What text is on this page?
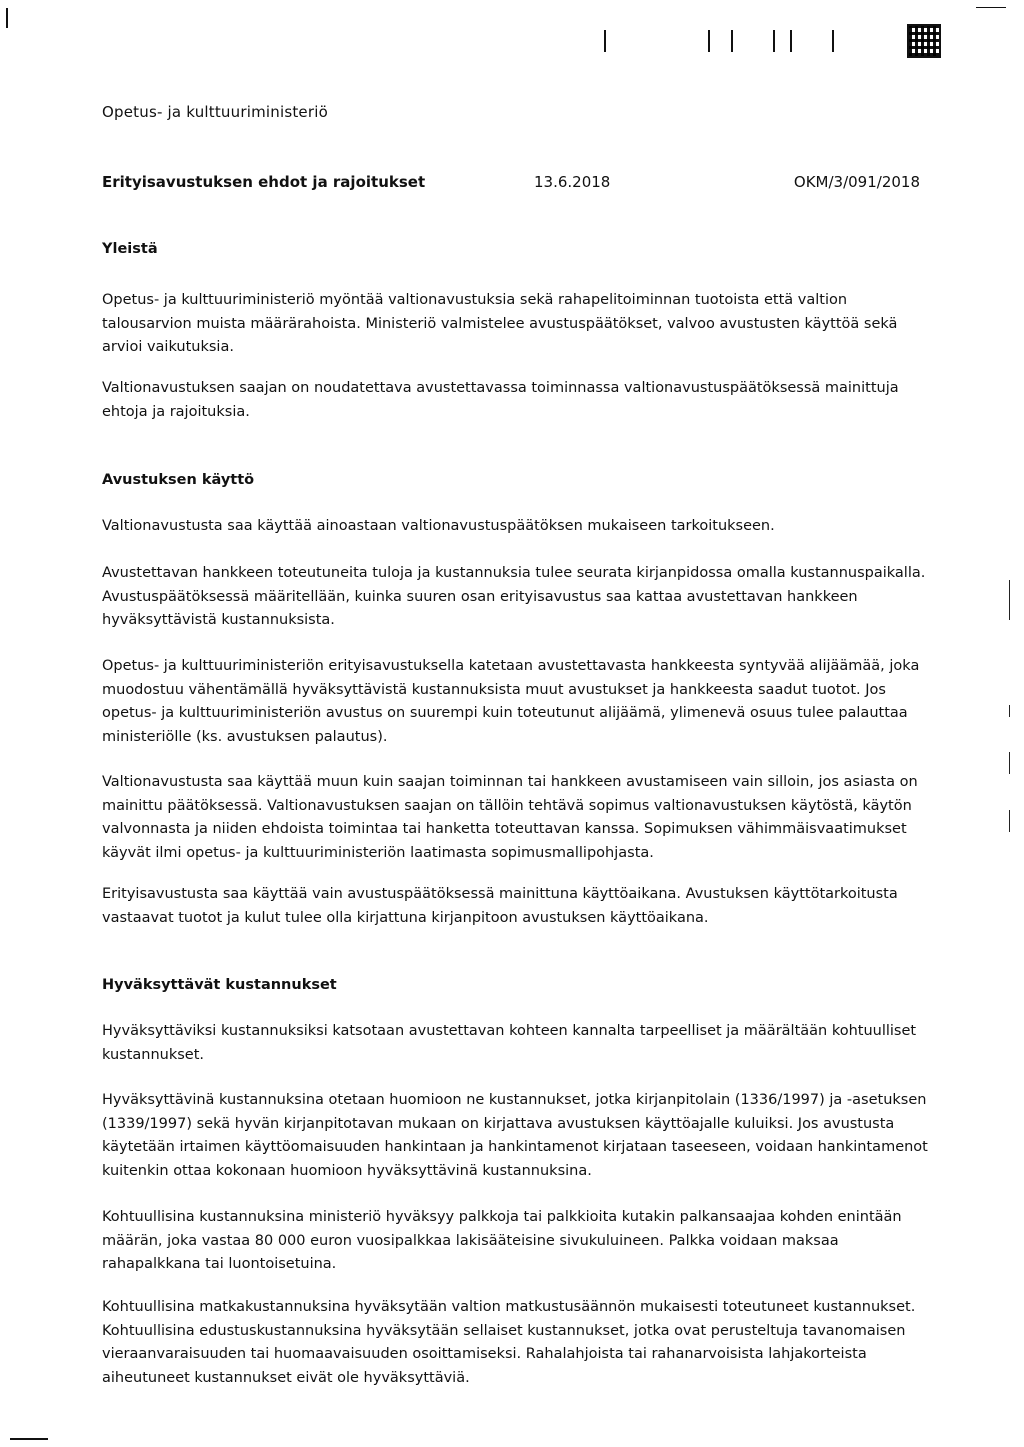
Opetus- ja kulttuuriministeriö
Erityisavustuksen ehdot ja rajoitukset	13.6.2018	OKM/3/091/2018
Yleistä
Opetus- ja kulttuuriministeriö myöntää valtionavustuksia sekä rahapelitoiminnan tuotoista että valtion talousarvion muista määrärahoista. Ministeriö valmistelee avustuspäätökset, valvoo avustusten käyttöä sekä arvioi vaikutuksia.
Valtionavustuksen saajan on noudatettava avustettavassa toiminnassa valtionavustuspäätöksessä mainittuja ehtoja ja rajoituksia.
Avustuksen käyttö
Valtionavustusta saa käyttää ainoastaan valtionavustuspäätöksen mukaiseen tarkoitukseen.
Avustettavan hankkeen toteutuneita tuloja ja kustannuksia tulee seurata kirjanpidossa omalla kustannuspaikalla. Avustuspäätöksessä määritellään, kuinka suuren osan erityisavustus saa kattaa avustettavan hankkeen hyväksyttävistä kustannuksista.
Opetus- ja kulttuuriministeriön erityisavustuksella katetaan avustettavasta hankkeesta syntyvää alijäämää, joka muodostuu vähentämällä hyväksyttävistä kustannuksista muut avustukset ja hankkeesta saadut tuotot. Jos opetus- ja kulttuuriministeriön avustus on suurempi kuin toteutunut alijäämä, ylimenevä osuus tulee palauttaa ministeriölle (ks. avustuksen palautus).
Valtionavustusta saa käyttää muun kuin saajan toiminnan tai hankkeen avustamiseen vain silloin, jos asiasta on mainittu päätöksessä. Valtionavustuksen saajan on tällöin tehtävä sopimus valtionavustuksen käytöstä, käytön valvonnasta ja niiden ehdoista toimintaa tai hanketta toteuttavan kanssa. Sopimuksen vähimmäisvaatimukset käyvät ilmi opetus- ja kulttuuriministeriön laatimasta sopimusmallipohjasta.
Erityisavustusta saa käyttää vain avustuspäätöksessä mainittuna käyttöaikana. Avustuksen käyttötarkoitusta vastaavat tuotot ja kulut tulee olla kirjattuna kirjanpitoon avustuksen käyttöaikana.
Hyväksyttävät kustannukset
Hyväksyttäviksi kustannuksiksi katsotaan avustettavan kohteen kannalta tarpeelliset ja määrältään kohtuulliset kustannukset.
Hyväksyttävinä kustannuksina otetaan huomioon ne kustannukset, jotka kirjanpitolain (1336/1997) ja -asetuksen (1339/1997) sekä hyvän kirjanpitotavan mukaan on kirjattava avustuksen käyttöajalle kuluiksi. Jos avustusta käytetään irtaimen käyttöomaisuuden hankintaan ja hankintamenot kirjataan taseeseen, voidaan hankintamenot kuitenkin ottaa kokonaan huomioon hyväksyttävinä kustannuksina.
Kohtuullisina kustannuksina ministeriö hyväksyy palkkoja tai palkkioita kutakin palkansaajaa kohden enintään määrän, joka vastaa 80 000 euron vuosipalkkaa lakisääteisine sivukuluineen. Palkka voidaan maksaa rahapalkkana tai luontoisetuina.
Kohtuullisina matkakustannuksina hyväksytään valtion matkustusäännön mukaisesti toteutuneet kustannukset. Kohtuullisina edustuskustannuksina hyväksytään sellaiset kustannukset, jotka ovat perusteltuja tavanomaisen vieraanvaraisuuden tai huomaavaisuuden osoittamiseksi. Rahalahjoista tai rahanarvoisista lahjakorteista aiheutuneet kustannukset eivät ole hyväksyttäviä.
